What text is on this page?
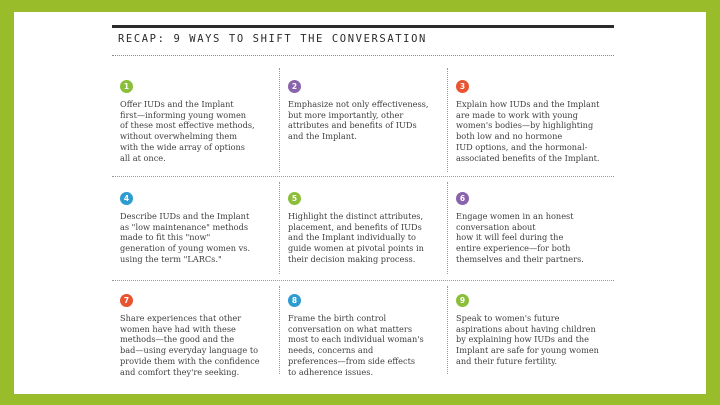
RECAP: 9 WAYS TO SHIFT THE CONVERSATION
1
Offer IUDs and the Implant
first—informing young women
of these most effective methods,
without overwhelming them
with the wide array of options
all at once.
2
Emphasize not only effectiveness,
but more importantly, other
attributes and benefits of IUDs
and the Implant.
3
Explain how IUDs and the Implant
are made to work with young
women's bodies—by highlighting
both low and no hormone
IUD options, and the hormonal-
associated benefits of the Implant.
4
Describe IUDs and the Implant
as "low maintenance" methods
made to fit this "now"
generation of young women vs.
using the term "LARCs."
5
Highlight the distinct attributes,
placement, and benefits of IUDs
and the Implant individually to
guide women at pivotal points in
their decision making process.
6
Engage women in an honest
conversation about
how it will feel during the
entire experience—for both
themselves and their partners.
7
Share experiences that other
women have had with these
methods—the good and the
bad—using everyday language to
provide them with the confidence
and comfort they're seeking.
8
Frame the birth control
conversation on what matters
most to each individual woman's
needs, concerns and
preferences—from side effects
to adherence issues.
9
Speak to women's future
aspirations about having children
by explaining how IUDs and the
Implant are safe for young women
and their future fertility.
